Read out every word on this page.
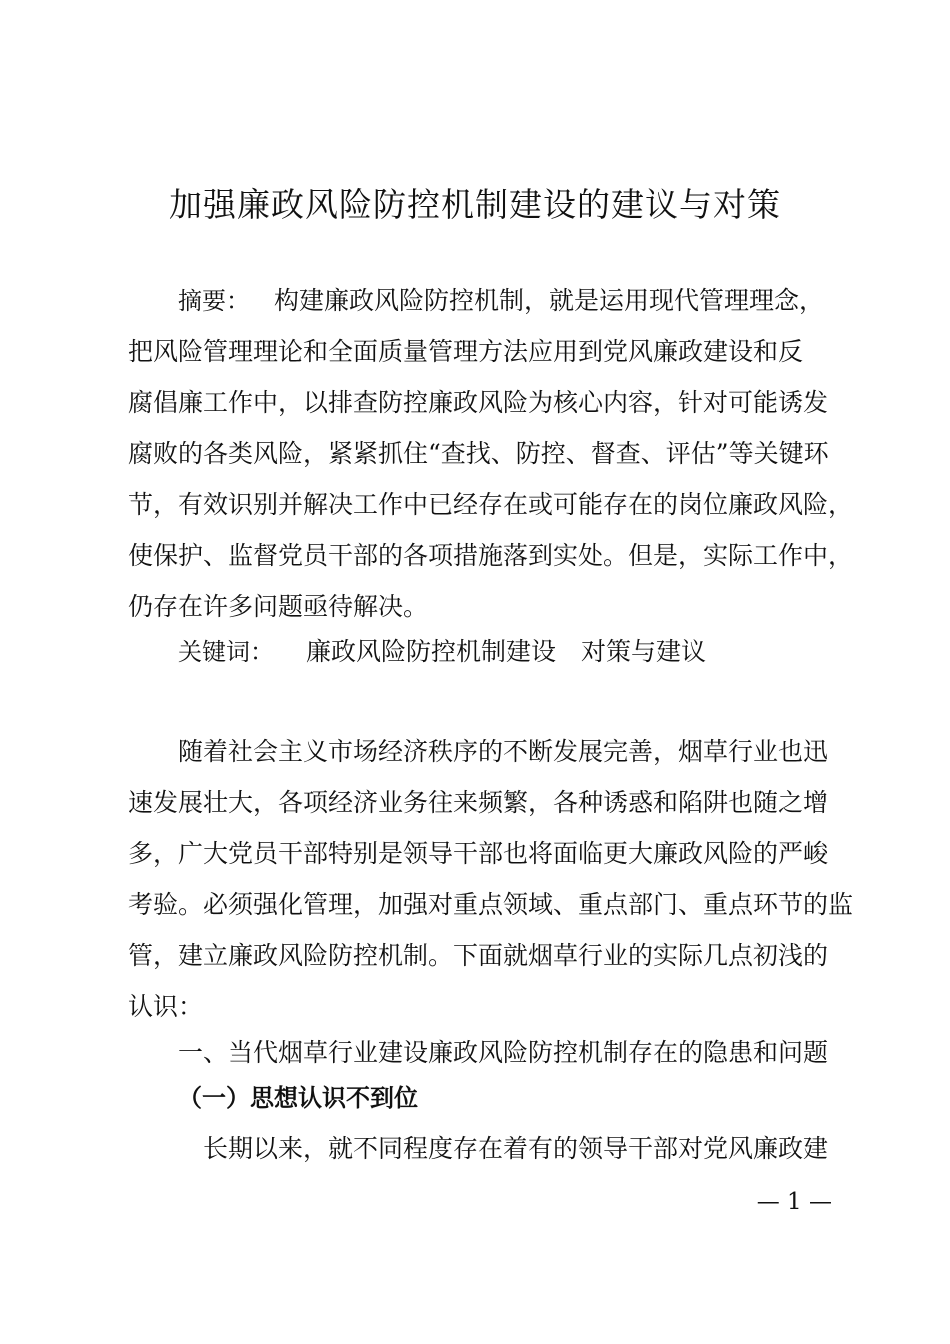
加强廉政风险防控机制建设的建议与对策
摘要： 构建廉政风险防控机制，就是运用现代管理理念，
把风险管理理论和全面质量管理方法应用到党风廉政建设和反
腐倡廉工作中，以排查防控廉政风险为核心内容，针对可能诱发
腐败的各类风险，紧紧抓住“查找、防控、督查、评估”等关键环
节，有效识别并解决工作中已经存在或可能存在的岗位廉政风险，
使保护、监督党员干部的各项措施落到实处。但是，实际工作中，
仍存在许多问题亟待解决。
关键词： 廉政风险防控机制建设 对策与建议
随着社会主义市场经济秩序的不断发展完善，烟草行业也迅
速发展壮大，各项经济业务往来频繁，各种诱惑和陷阱也随之增
多，广大党员干部特别是领导干部也将面临更大廉政风险的严峻
考验。必须强化管理，加强对重点领域、重点部门、重点环节的监
管，建立廉政风险防控机制。下面就烟草行业的实际几点初浅的
认识：
一、当代烟草行业建设廉政风险防控机制存在的隐患和问题
（一）思想认识不到位
长期以来，就不同程度存在着有的领导干部对党风廉政建
— 1 —
